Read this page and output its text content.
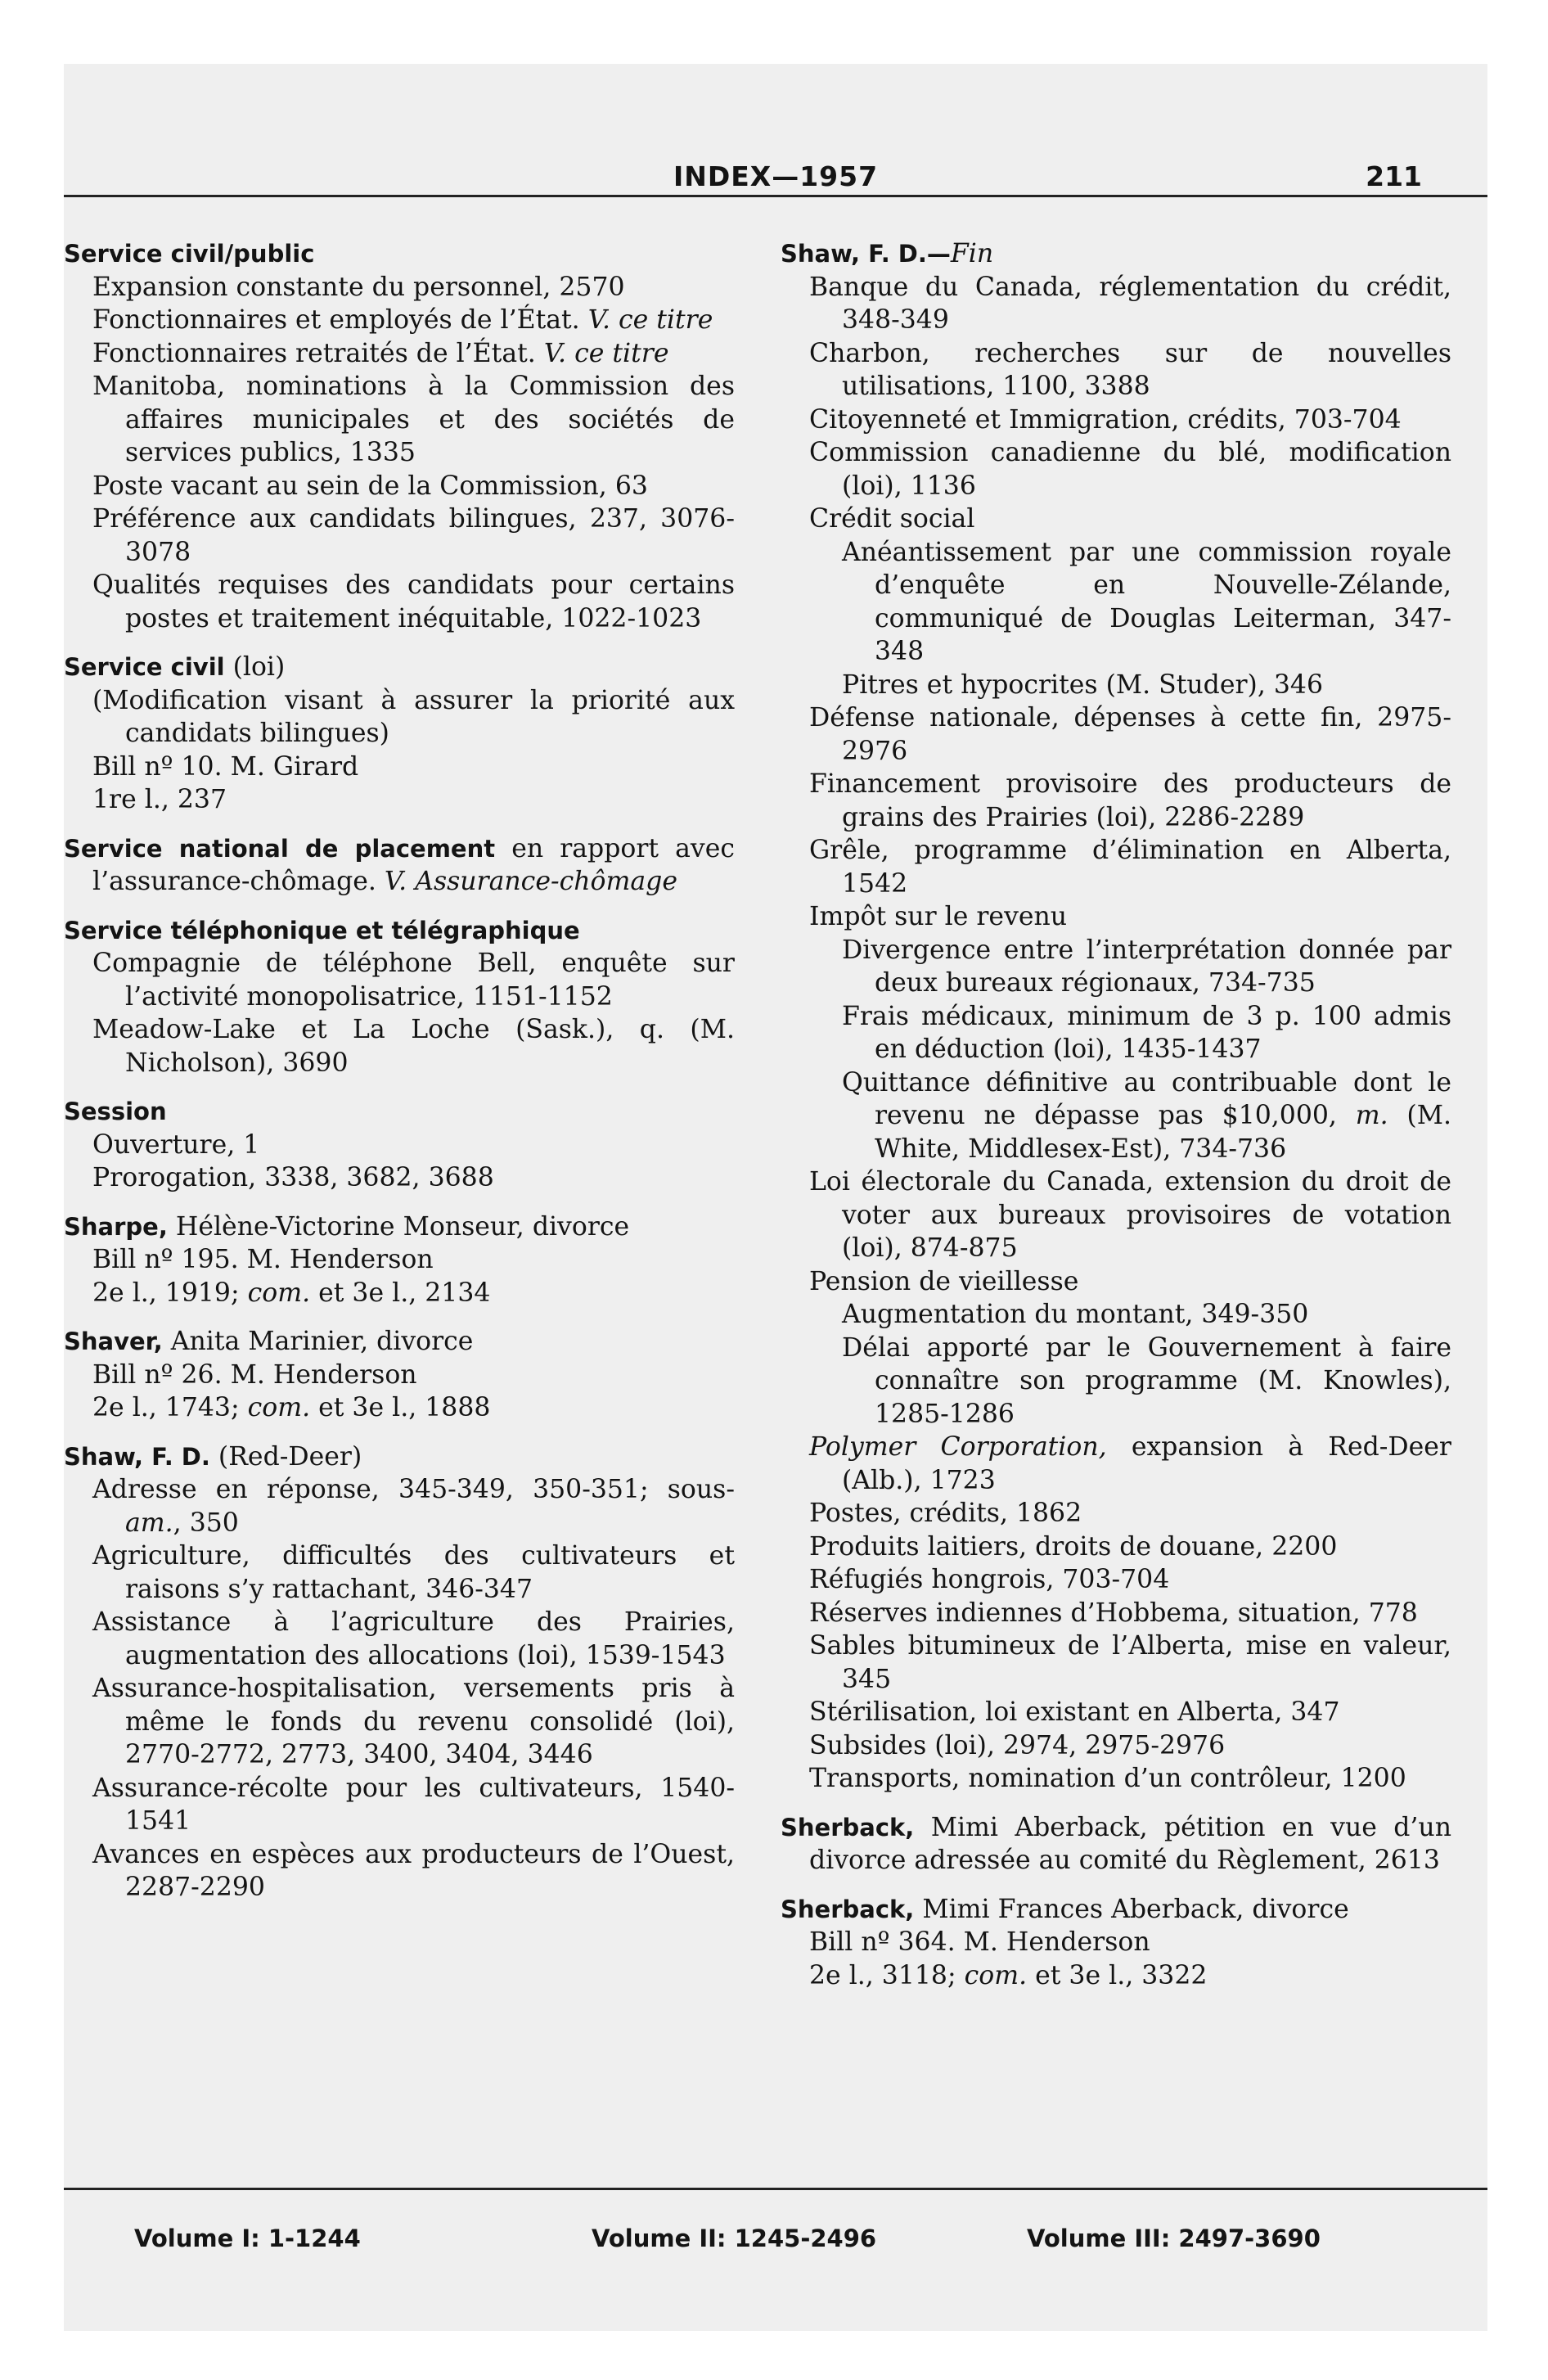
INDEX—1957	211
Service civil/public
Expansion constante du personnel, 2570
Fonctionnaires et employés de l’État. V. ce titre
Fonctionnaires retraités de l’État. V. ce titre
Manitoba, nominations à la Commission des affaires municipales et des sociétés de services publics, 1335
Poste vacant au sein de la Commission, 63
Préférence aux candidats bilingues, 237, 3076-3078
Qualités requises des candidats pour certains postes et traitement inéquitable, 1022-1023
Service civil (loi)
(Modification visant à assurer la priorité aux candidats bilingues)
Bill nº 10. M. Girard
1re l., 237
Service national de placement en rapport avec l’assurance-chômage. V. Assurance-chômage
Service téléphonique et télégraphique
Compagnie de téléphone Bell, enquête sur l’activité monopolisatrice, 1151-1152
Meadow-Lake et La Loche (Sask.), q. (M. Nicholson), 3690
Session
Ouverture, 1
Prorogation, 3338, 3682, 3688
Sharpe, Hélène-Victorine Monseur, divorce
Bill nº 195. M. Henderson
2e l., 1919; com. et 3e l., 2134
Shaver, Anita Marinier, divorce
Bill nº 26. M. Henderson
2e l., 1743; com. et 3e l., 1888
Shaw, F. D. (Red-Deer)
Adresse en réponse, 345-349, 350-351; sous-am., 350
Agriculture, difficultés des cultivateurs et raisons s’y rattachant, 346-347
Assistance à l’agriculture des Prairies, augmentation des allocations (loi), 1539-1543
Assurance-hospitalisation, versements pris à même le fonds du revenu consolidé (loi), 2770-2772, 2773, 3400, 3404, 3446
Assurance-récolte pour les cultivateurs, 1540-1541
Avances en espèces aux producteurs de l’Ouest, 2287-2290
Shaw, F. D.—Fin
Banque du Canada, réglementation du crédit, 348-349
Charbon, recherches sur de nouvelles utilisations, 1100, 3388
Citoyenneté et Immigration, crédits, 703-704
Commission canadienne du blé, modification (loi), 1136
Crédit social
Anéantissement par une commission royale d’enquête en Nouvelle-Zélande, communiqué de Douglas Leiterman, 347-348
Pitres et hypocrites (M. Studer), 346
Défense nationale, dépenses à cette fin, 2975-2976
Financement provisoire des producteurs de grains des Prairies (loi), 2286-2289
Grêle, programme d’élimination en Alberta, 1542
Impôt sur le revenu
Divergence entre l’interprétation donnée par deux bureaux régionaux, 734-735
Frais médicaux, minimum de 3 p. 100 admis en déduction (loi), 1435-1437
Quittance définitive au contribuable dont le revenu ne dépasse pas $10,000, m. (M. White, Middlesex-Est), 734-736
Loi électorale du Canada, extension du droit de voter aux bureaux provisoires de votation (loi), 874-875
Pension de vieillesse
Augmentation du montant, 349-350
Délai apporté par le Gouvernement à faire connaître son programme (M. Knowles), 1285-1286
Polymer Corporation, expansion à Red-Deer (Alb.), 1723
Postes, crédits, 1862
Produits laitiers, droits de douane, 2200
Réfugiés hongrois, 703-704
Réserves indiennes d’Hobbema, situation, 778
Sables bitumineux de l’Alberta, mise en valeur, 345
Stérilisation, loi existant en Alberta, 347
Subsides (loi), 2974, 2975-2976
Transports, nomination d’un contrôleur, 1200
Sherback, Mimi Aberback, pétition en vue d’un divorce adressée au comité du Règlement, 2613
Sherback, Mimi Frances Aberback, divorce
Bill nº 364. M. Henderson
2e l., 3118; com. et 3e l., 3322
Volume I: 1-1244	Volume II: 1245-2496	Volume III: 2497-3690
